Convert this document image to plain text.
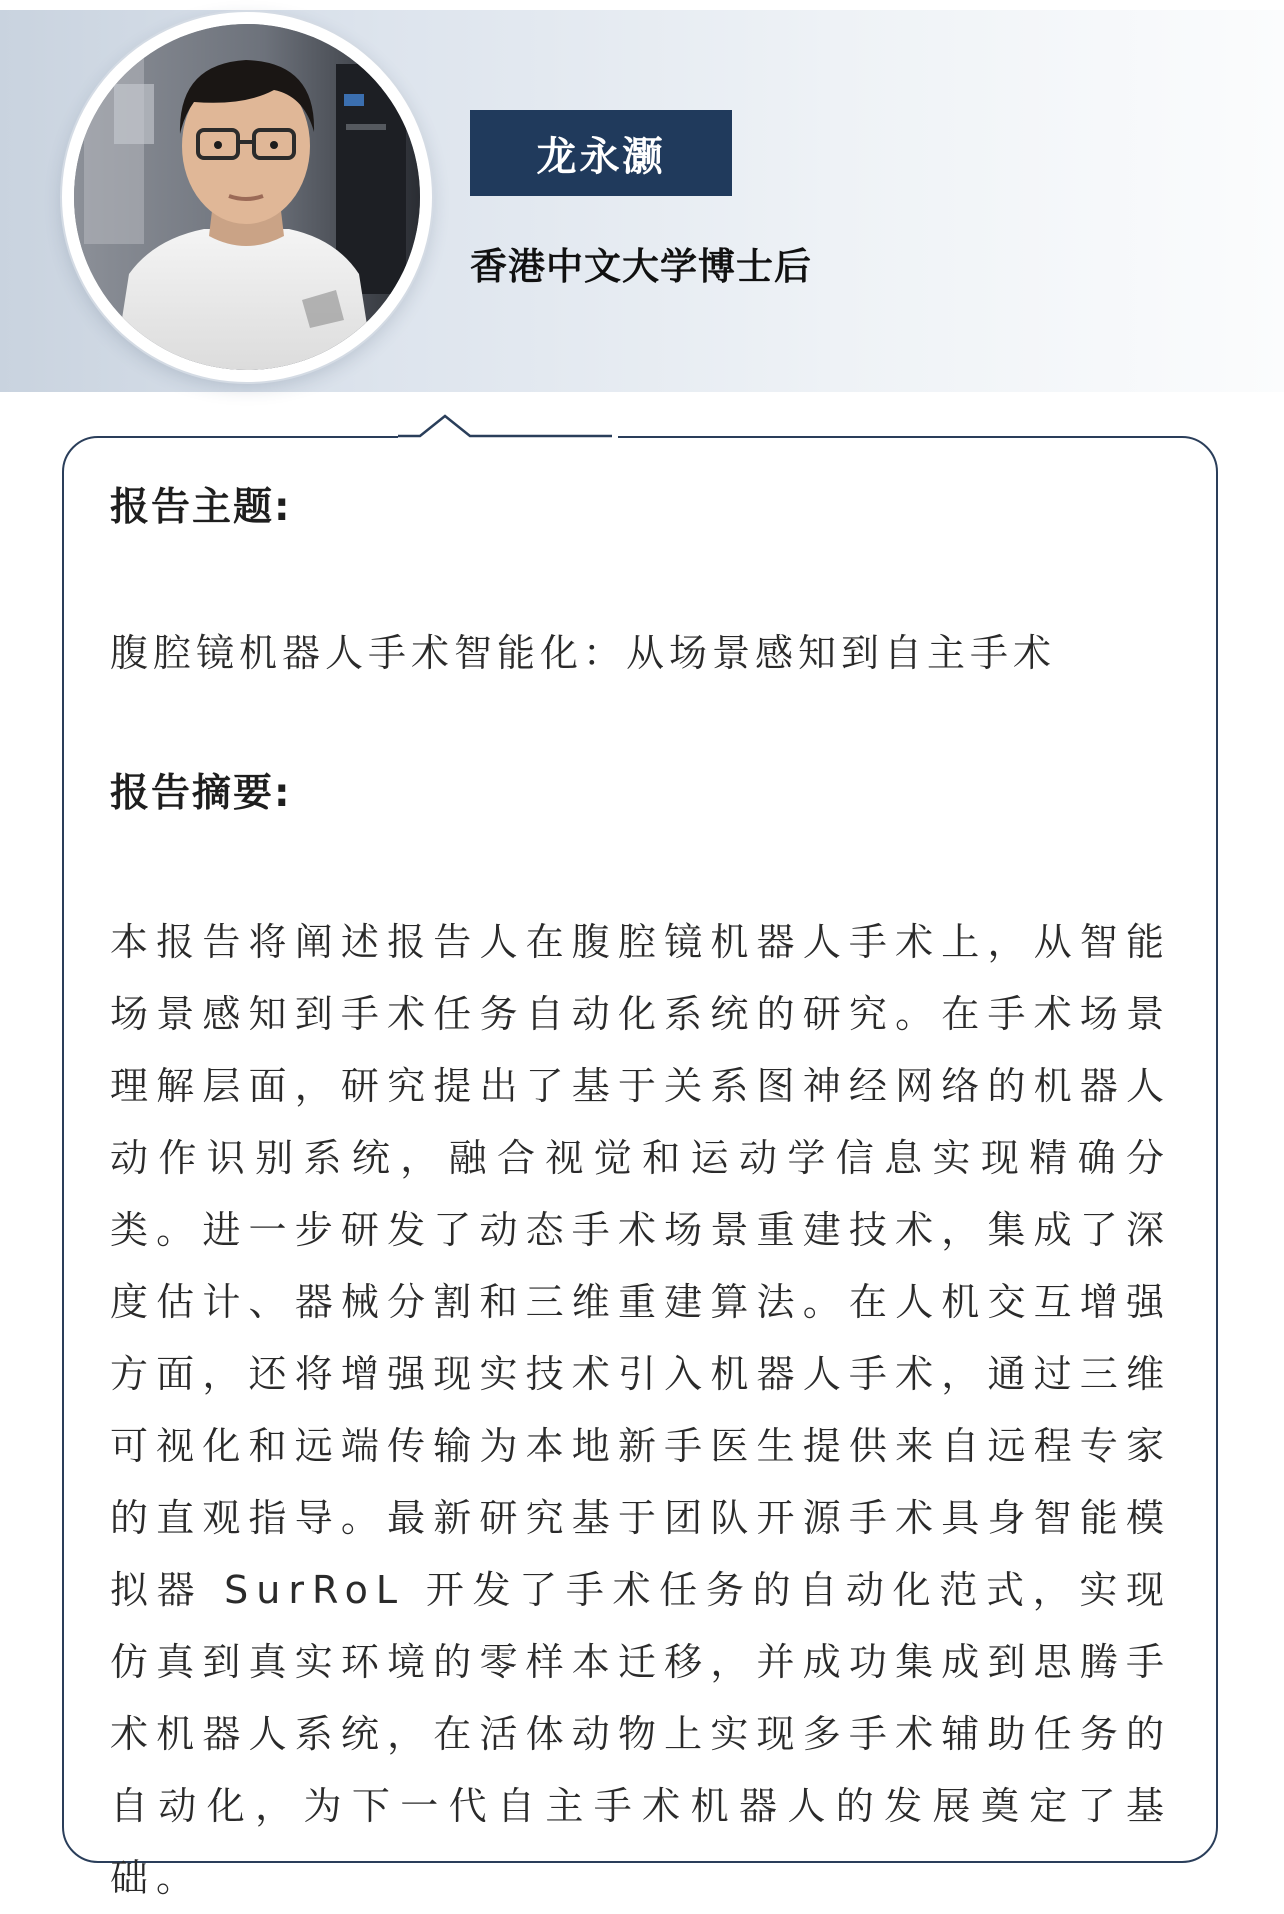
龙永灏
香港中文大学博士后
报告主题:
腹腔镜机器人手术智能化：从场景感知到自主手术
报告摘要:
本报告将阐述报告人在腹腔镜机器人手术上，从智能场景感知到手术任务自动化系统的研究。在手术场景理解层面，研究提出了基于关系图神经网络的机器人动作识别系统，融合视觉和运动学信息实现精确分类。进一步研发了动态手术场景重建技术，集成了深度估计、器械分割和三维重建算法。在人机交互增强方面，还将增强现实技术引入机器人手术，通过三维可视化和远端传输为本地新手医生提供来自远程专家的直观指导。最新研究基于团队开源手术具身智能模拟器 SurRoL 开发了手术任务的自动化范式，实现仿真到真实环境的零样本迁移，并成功集成到思腾手术机器人系统，在活体动物上实现多手术辅助任务的自动化，为下一代自主手术机器人的发展奠定了基础。
